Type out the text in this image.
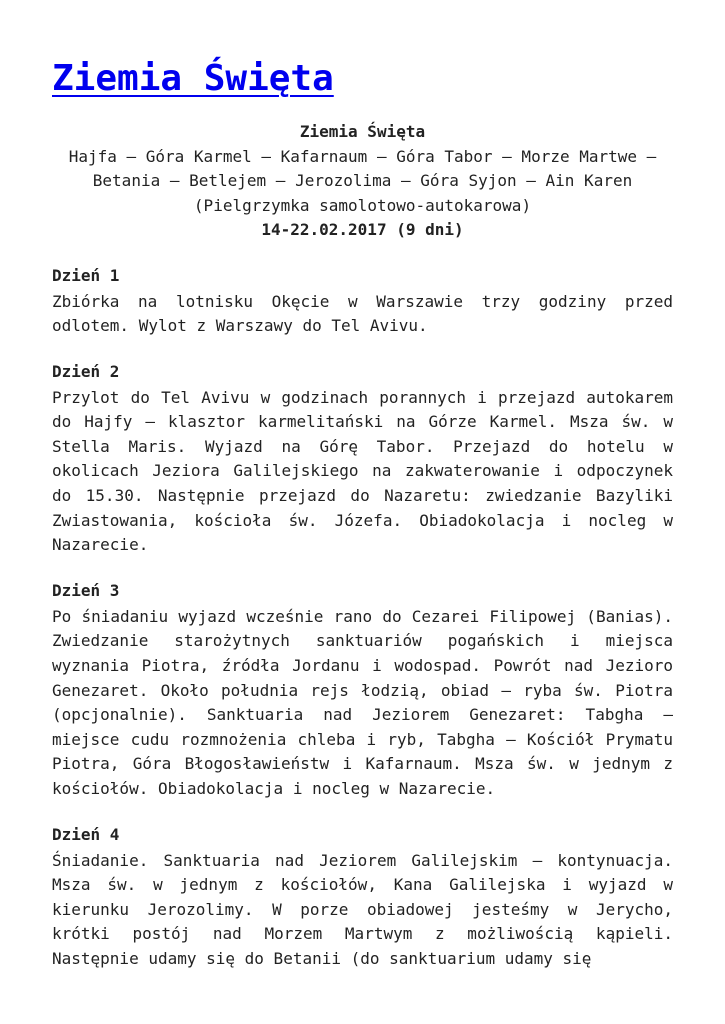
Ziemia Święta
Ziemia Święta
Hajfa – Góra Karmel – Kafarnaum – Góra Tabor – Morze Martwe – Betania – Betlejem – Jerozolima – Góra Syjon – Ain Karen
(Pielgrzymka samolotowo-autokarowa)
14-22.02.2017 (9 dni)
Dzień 1

Zbiórka na lotnisku Okęcie w Warszawie trzy godziny przed odlotem. Wylot z Warszawy do Tel Avivu.

Dzień 2

Przylot do Tel Avivu w godzinach porannych i przejazd autokarem do Hajfy – klasztor karmelitański na Górze Karmel. Msza św. w Stella Maris. Wyjazd na Górę Tabor. Przejazd do hotelu w okolicach Jeziora Galilejskiego na zakwaterowanie i odpoczynek do 15.30. Następnie przejazd do Nazaretu: zwiedzanie Bazyliki Zwiastowania, kościoła św. Józefa. Obiadokolacja i nocleg w Nazarecie.

Dzień 3

Po śniadaniu wyjazd wcześnie rano do Cezarei Filipowej (Banias). Zwiedzanie starożytnych sanktuariów pogańskich i miejsca wyznania Piotra, źródła Jordanu i wodospad. Powrót nad Jezioro Genezaret. Około południa rejs łodzią, obiad – ryba św. Piotra (opcjonalnie). Sanktuaria nad Jeziorem Genezaret: Tabgha – miejsce cudu rozmnożenia chleba i ryb, Tabgha – Kościół Prymatu Piotra, Góra Błogosławieństw i Kafarnaum. Msza św. w jednym z kościołów. Obiadokolacja i nocleg w Nazarecie.

Dzień 4

Śniadanie. Sanktuaria nad Jeziorem Galilejskim – kontynuacja. Msza św. w jednym z kościołów, Kana Galilejska i wyjazd w kierunku Jerozolimy. W porze obiadowej jesteśmy w Jerycho, krótki postój nad Morzem Martwym z możliwością kąpieli. Następnie udamy się do Betanii (do sanktuarium udamy się
